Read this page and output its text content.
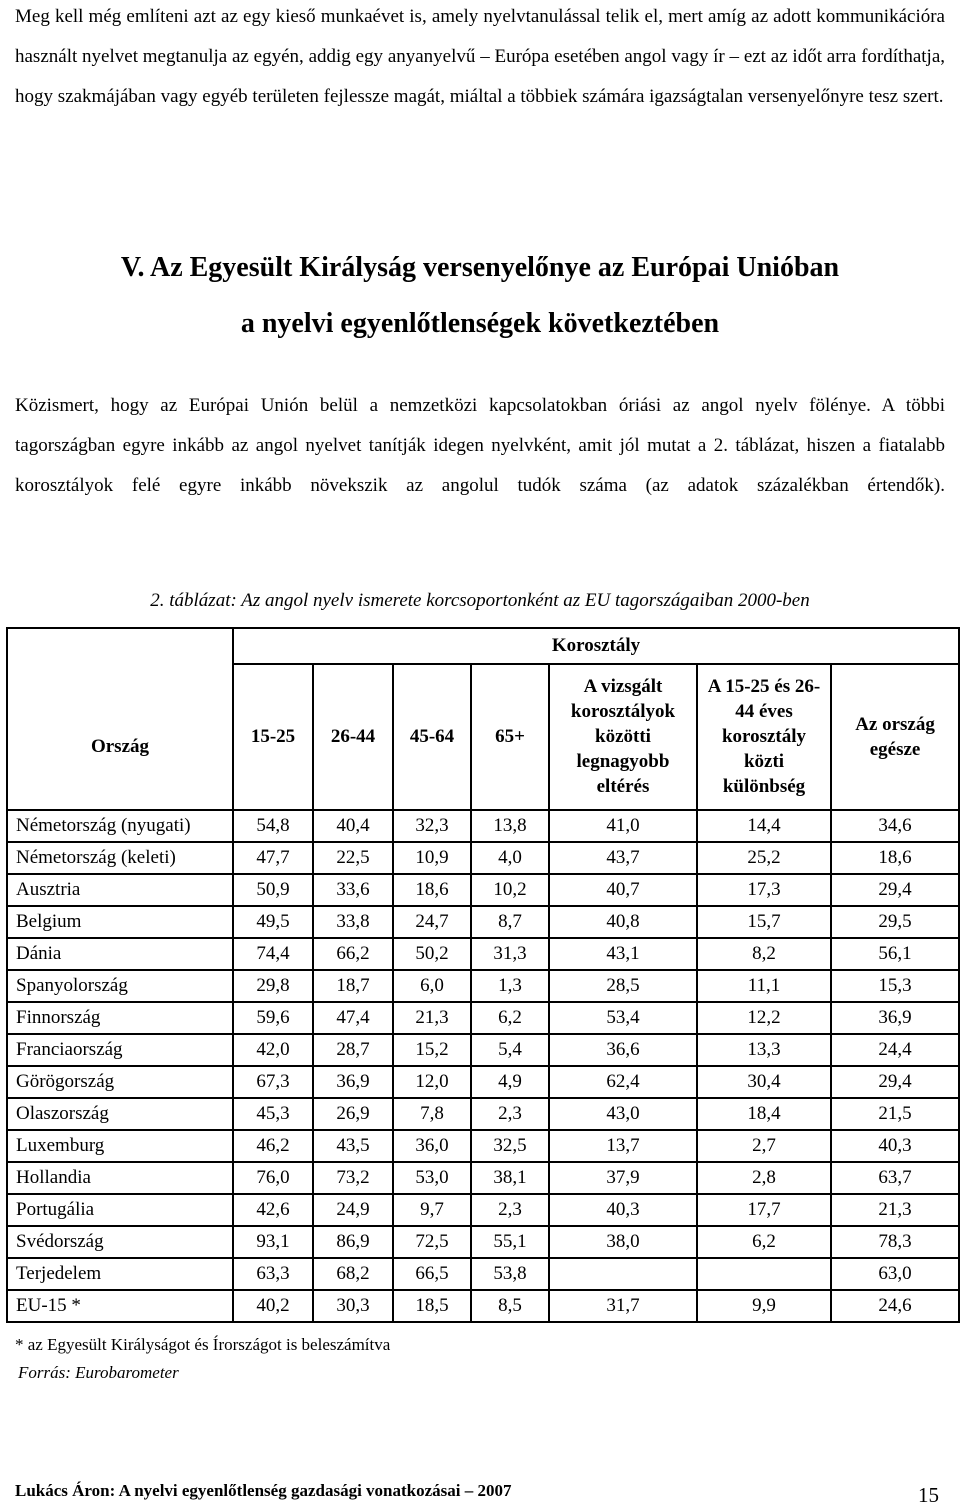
Meg kell még említeni azt az egy kieső munkaévet is, amely nyelvtanulással telik el, mert amíg az adott kommunikációra használt nyelvet megtanulja az egyén, addig egy anyanyelvű – Európa esetében angol vagy ír – ezt az időt arra fordíthatja, hogy szakmájában vagy egyéb területen fejlessze magát, miáltal a többiek számára igazságtalan versenyelőnyre tesz szert.

V. Az Egyesült Királyság versenyelőnye az Európai Unióban
a nyelvi egyenlőtlenségek következtében

Közismert, hogy az Európai Unión belül a nemzetközi kapcsolatokban óriási az angol nyelv fölénye. A többi tagországban egyre inkább az angol nyelvet tanítják idegen nyelvként, amit jól mutat a 2. táblázat, hiszen a fiatalabb korosztályok felé egyre inkább növekszik az angolul tudók száma (az adatok százalékban értendők).

2. táblázat: Az angol nyelv ismerete korcsoportonként az EU tagországaiban 2000-ben

Ország	Korosztály						
	15-25	26-44	45-64	65+	A vizsgált korosztályok közötti legnagyobb eltérés	A 15-25 és 26-44 éves korosztály közti különbség	Az ország egésze
Németország (nyugati)	54,8	40,4	32,3	13,8	41,0	14,4	34,6
Németország (keleti)	47,7	22,5	10,9	4,0	43,7	25,2	18,6
Ausztria	50,9	33,6	18,6	10,2	40,7	17,3	29,4
Belgium	49,5	33,8	24,7	8,7	40,8	15,7	29,5
Dánia	74,4	66,2	50,2	31,3	43,1	8,2	56,1
Spanyolország	29,8	18,7	6,0	1,3	28,5	11,1	15,3
Finnország	59,6	47,4	21,3	6,2	53,4	12,2	36,9
Franciaország	42,0	28,7	15,2	5,4	36,6	13,3	24,4
Görögország	67,3	36,9	12,0	4,9	62,4	30,4	29,4
Olaszország	45,3	26,9	7,8	2,3	43,0	18,4	21,5
Luxemburg	46,2	43,5	36,0	32,5	13,7	2,7	40,3
Hollandia	76,0	73,2	53,0	38,1	37,9	2,8	63,7
Portugália	42,6	24,9	9,7	2,3	40,3	17,7	21,3
Svédország	93,1	86,9	72,5	55,1	38,0	6,2	78,3
Terjedelem	63,3	68,2	66,5	53,8			63,0
EU-15 *	40,2	30,3	18,5	8,5	31,7	9,9	24,6

* az Egyesült Királyságot és Írországot is beleszámítva

Forrás: Eurobarometer

Lukács Áron: A nyelvi egyenlőtlenség gazdasági vonatkozásai – 2007	15
